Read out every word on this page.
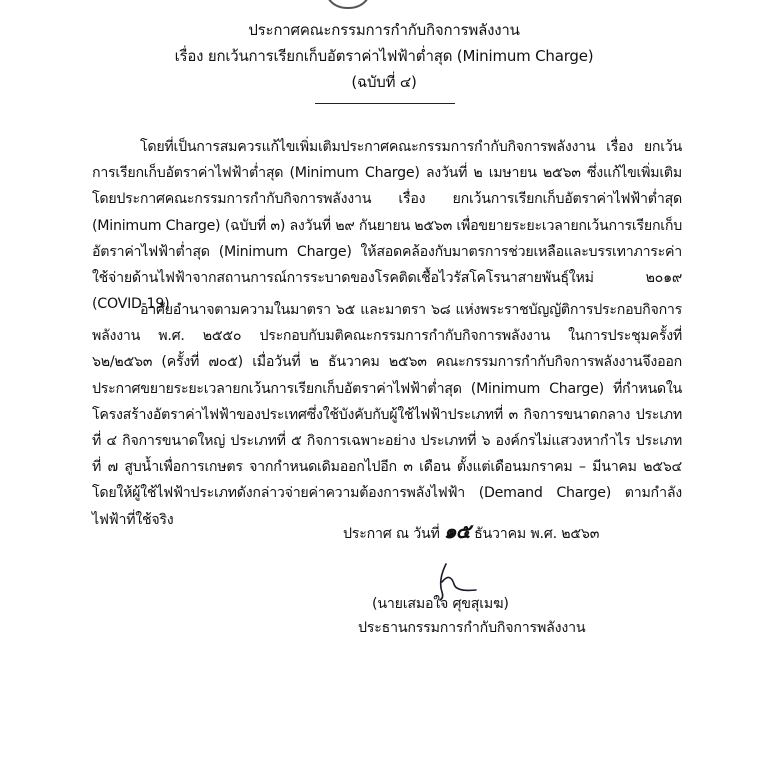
ประกาศคณะกรรมการกำกับกิจการพลังงาน
เรื่อง ยกเว้นการเรียกเก็บอัตราค่าไฟฟ้าต่ำสุด (Minimum Charge)
(ฉบับที่ ๔)
โดยที่เป็นการสมควรแก้ไขเพิ่มเติมประกาศคณะกรรมการกำกับกิจการพลังงาน เรื่อง ยกเว้นการเรียกเก็บอัตราค่าไฟฟ้าต่ำสุด (Minimum Charge) ลงวันที่ ๒ เมษายน ๒๕๖๓ ซึ่งแก้ไขเพิ่มเติม โดยประกาศคณะกรรมการกำกับกิจการพลังงาน เรื่อง ยกเว้นการเรียกเก็บอัตราค่าไฟฟ้าต่ำสุด (Minimum Charge) (ฉบับที่ ๓) ลงวันที่ ๒๙ กันยายน ๒๕๖๓ เพื่อขยายระยะเวลายกเว้นการเรียกเก็บอัตราค่าไฟฟ้าต่ำสุด (Minimum Charge) ให้สอดคล้องกับมาตรการช่วยเหลือและบรรเทาภาระค่าใช้จ่ายด้านไฟฟ้าจากสถานการณ์การระบาดของโรคติดเชื้อไวรัสโคโรนาสายพันธุ์ใหม่ ๒๐๑๙ (COVID-19)
อาศัยอำนาจตามความในมาตรา ๖๕ และมาตรา ๖๘ แห่งพระราชบัญญัติการประกอบกิจการพลังงาน พ.ศ. ๒๕๕๐ ประกอบกับมติคณะกรรมการกำกับกิจการพลังงาน ในการประชุมครั้งที่ ๖๒/๒๕๖๓ (ครั้งที่ ๗๐๕) เมื่อวันที่ ๒ ธันวาคม ๒๕๖๓ คณะกรรมการกำกับกิจการพลังงานจึงออกประกาศขยายระยะเวลายกเว้นการเรียกเก็บอัตราค่าไฟฟ้าต่ำสุด (Minimum Charge) ที่กำหนดในโครงสร้างอัตราค่าไฟฟ้าของประเทศซึ่งใช้บังคับกับผู้ใช้ไฟฟ้าประเภทที่ ๓ กิจการขนาดกลาง ประเภทที่ ๔ กิจการขนาดใหญ่ ประเภทที่ ๕ กิจการเฉพาะอย่าง ประเภทที่ ๖ องค์กรไม่แสวงหากำไร ประเภทที่ ๗ สูบน้ำเพื่อการเกษตร จากกำหนดเดิมออกไปอีก ๓ เดือน ตั้งแต่เดือนมกราคม – มีนาคม ๒๕๖๔ โดยให้ผู้ใช้ไฟฟ้าประเภทดังกล่าวจ่ายค่าความต้องการพลังไฟฟ้า (Demand Charge) ตามกำลังไฟฟ้าที่ใช้จริง
ประกาศ ณ วันที่ ๑๕ ธันวาคม พ.ศ. ๒๕๖๓
(นายเสมอใจ ศุขสุเมฆ)
ประธานกรรมการกำกับกิจการพลังงาน
